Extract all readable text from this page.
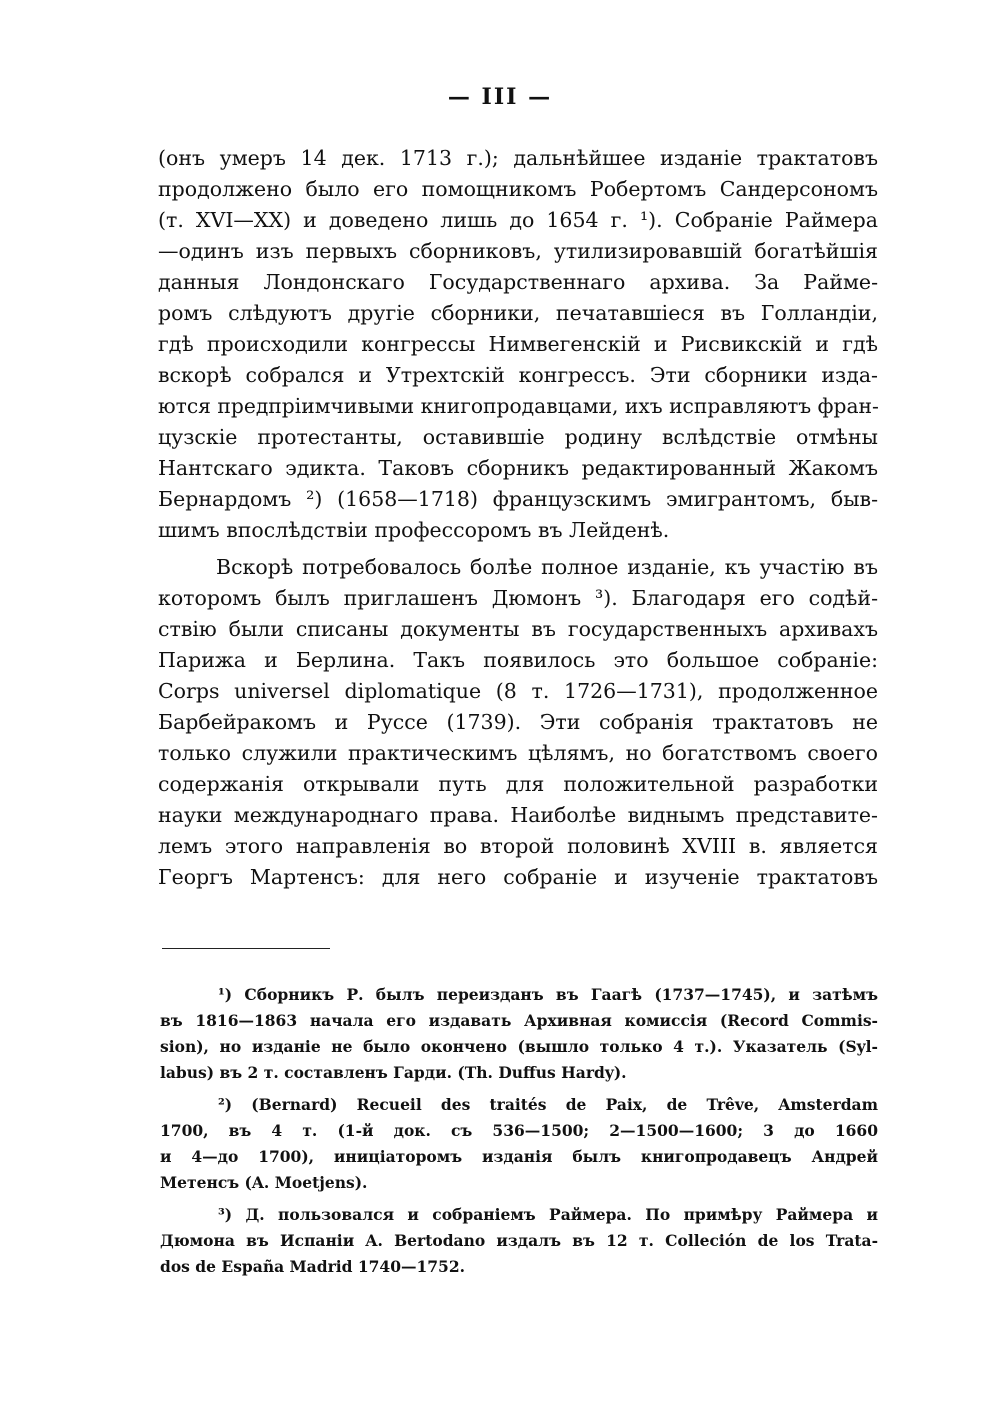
— III —
(онъ умеръ 14 дек. 1713 г.); дальнѣйшее изданіе трактатовъ
продолжено было его помощникомъ Робертомъ Сандерсономъ
(т. XVI—XX) и доведено лишь до 1654 г. ¹). Собраніе Раймера
—одинъ изъ первыхъ сборниковъ, утилизировавшій богатѣйшія
данныя Лондонскаго Государственнаго архива. За Райме-
ромъ слѣдуютъ другіе сборники, печатавшіеся въ Голландіи,
гдѣ происходили конгрессы Нимвегенскій и Рисвикскій и гдѣ
вскорѣ собрался и Утрехтскій конгрессъ. Эти сборники изда-
ются предпріимчивыми книгопродавцами, ихъ исправляютъ фран-
цузскіе протестанты, оставившіе родину вслѣдствіе отмѣны
Нантскаго эдикта. Таковъ сборникъ редактированный Жакомъ
Бернардомъ ²) (1658—1718) французскимъ эмигрантомъ, быв-
шимъ впослѣдствіи профессоромъ въ Лейденѣ.
Вскорѣ потребовалось болѣе полное изданіе, къ участію въ
которомъ былъ приглашенъ Дюмонъ ³). Благодаря его содѣй-
ствію были списаны документы въ государственныхъ архивахъ
Парижа и Берлина. Такъ появилось это большое собраніе:
Corps universel diplomatique (8 т. 1726—1731), продолженное
Барбейракомъ и Руссе (1739). Эти собранія трактатовъ не
только служили практическимъ цѣлямъ, но богатствомъ своего
содержанія открывали путь для положительной разработки
науки международнаго права. Наиболѣе виднымъ представите-
лемъ этого направленія во второй половинѣ XVIII в. является
Георгъ Мартенсъ: для него собраніе и изученіе трактатовъ
¹) Сборникъ Р. былъ переизданъ въ Гаагѣ (1737—1745), и затѣмъ
въ 1816—1863 начала его издавать Архивная комиссія (Record Commis-
sion), но изданіе не было окончено (вышло только 4 т.). Указатель (Syl-
labus) въ 2 т. составленъ Гарди. (Th. Duffus Hardy).
²) (Bernard) Recueil des traités de Paix, de Trêve, Amsterdam
1700, въ 4 т. (1-й док. съ 536—1500; 2—1500—1600; 3 до 1660
и 4—до 1700), иниціаторомъ изданія былъ книгопродавецъ Андрей
Метенсъ (A. Moetjens).
³) Д. пользовался и собраніемъ Раймера. По примѣру Раймера и
Дюмона въ Испаніи A. Bertodano издалъ въ 12 т. Colleción de los Trata-
dos de España Madrid 1740—1752.
